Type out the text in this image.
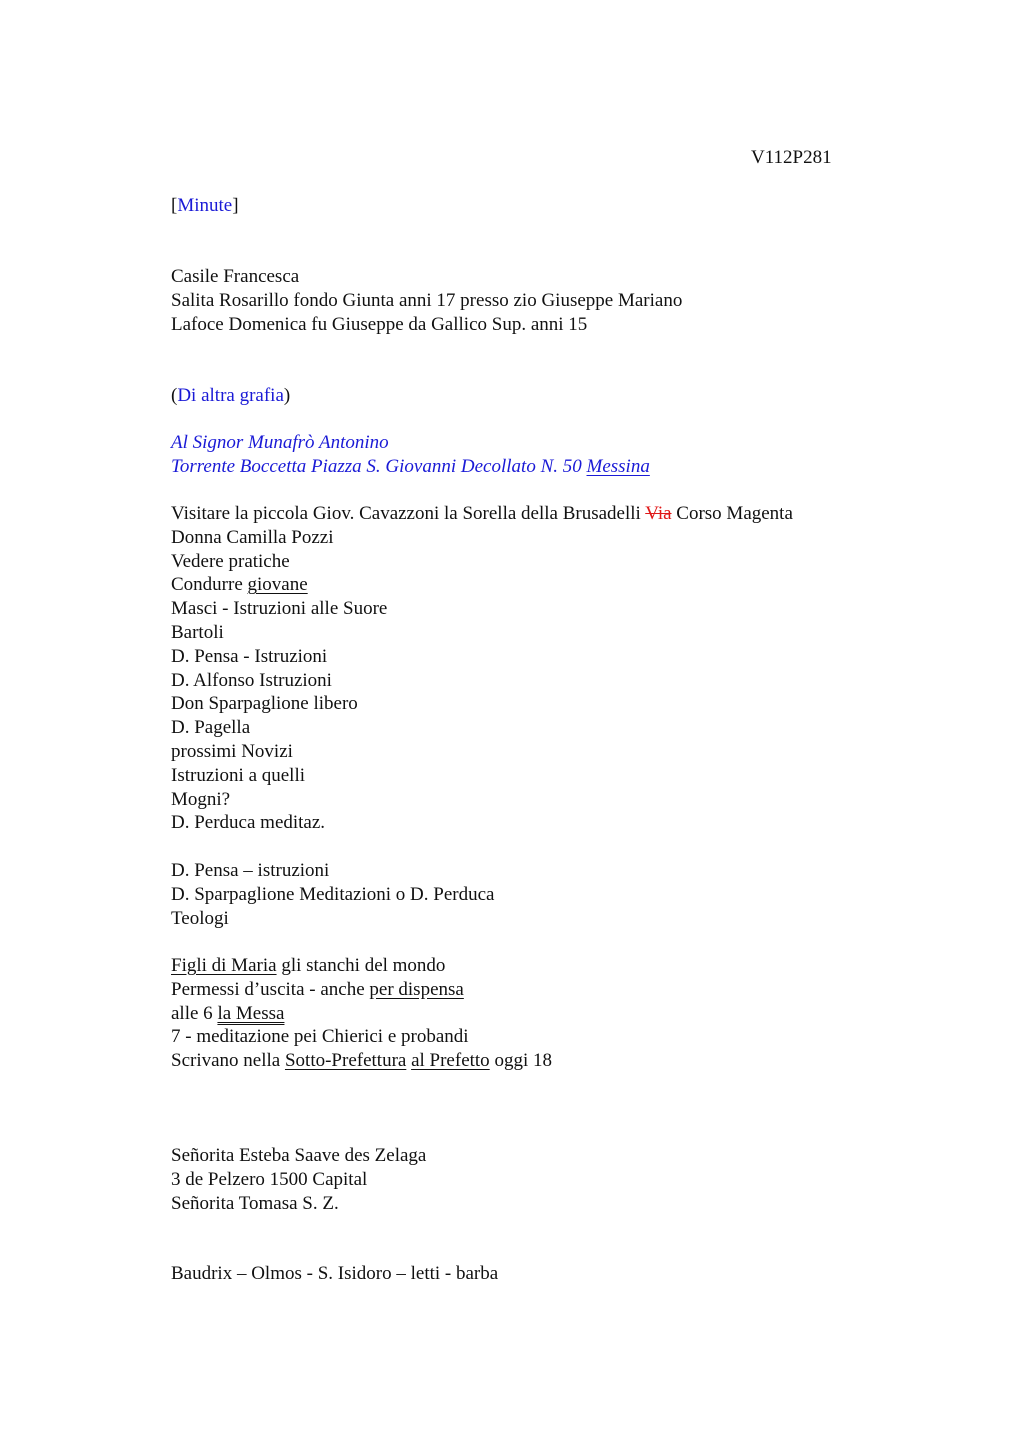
V112P281
[Minute]
Casile Francesca
Salita Rosarillo fondo Giunta anni 17 presso zio Giuseppe Mariano
Lafoce Domenica fu Giuseppe da Gallico Sup. anni 15
(Di altra grafia)
Al Signor Munafrò Antonino
Torrente Boccetta Piazza S. Giovanni Decollato N. 50 Messina
Visitare la piccola Giov. Cavazzoni la Sorella della Brusadelli Via Corso Magenta
Donna Camilla Pozzi
Vedere pratiche
Condurre giovane
Masci - Istruzioni alle Suore
Bartoli
D. Pensa - Istruzioni
D. Alfonso Istruzioni
Don Sparpaglione libero
D. Pagella
prossimi Novizi
Istruzioni a quelli
Mogni?
D. Perduca meditaz.
D. Pensa – istruzioni
D. Sparpaglione Meditazioni o D. Perduca
Teologi
Figli di Maria gli stanchi del mondo
Permessi d’uscita - anche per dispensa
alle 6 la Messa
7 - meditazione pei Chierici e probandi
Scrivano nella Sotto-Prefettura al Prefetto oggi 18
Señorita Esteba Saave des Zelaga
3 de Pelzero 1500 Capital
Señorita Tomasa S. Z.
Baudrix – Olmos - S. Isidoro – letti - barba
